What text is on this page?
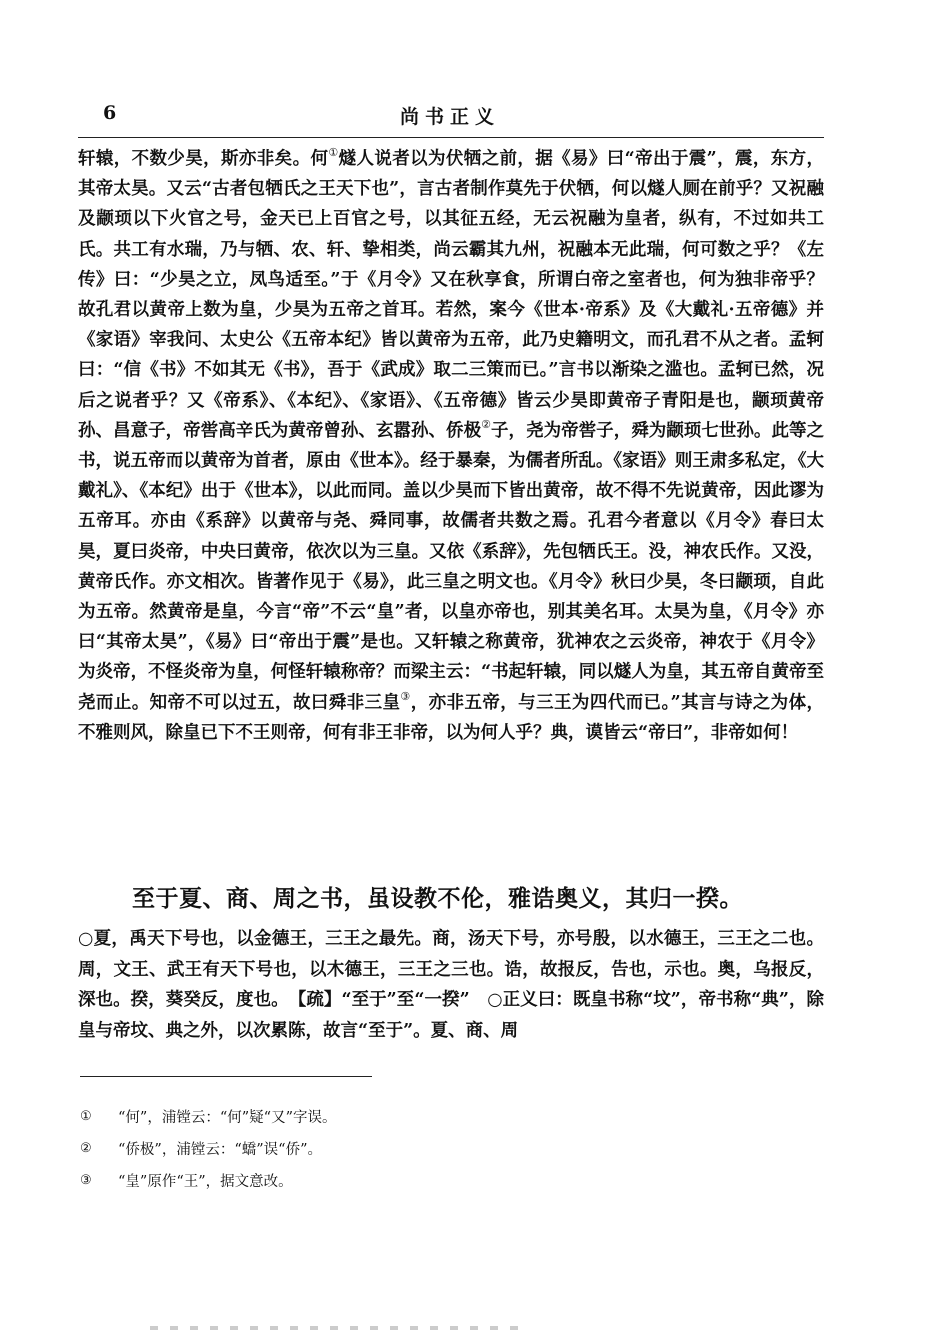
6	尚书正义

轩辕，不数少昊，斯亦非矣。何①燧人说者以为伏牺之前，据《易》曰“帝出于震”，震，东方，其帝太昊。又云“古者包牺氏之王天下也”，言古者制作莫先于伏牺，何以燧人厕在前乎？又祝融及颛顼以下火官之号，金天已上百官之号，以其征五经，无云祝融为皇者，纵有，不过如共工氏。共工有水瑞，乃与牺、农、轩、挚相类，尚云霸其九州，祝融本无此瑞，何可数之乎？《左传》曰：“少昊之立，凤鸟适至。”于《月令》又在秋享食，所谓白帝之室者也，何为独非帝乎？故孔君以黄帝上数为皇，少昊为五帝之首耳。若然，案今《世本·帝系》及《大戴礼·五帝德》并《家语》宰我问、太史公《五帝本纪》皆以黄帝为五帝，此乃史籍明文，而孔君不从之者。孟轲曰：“信《书》不如其无《书》，吾于《武成》取二三策而已。”言书以渐染之滥也。孟轲已然，况后之说者乎？又《帝系》、《本纪》、《家语》、《五帝德》皆云少昊即黄帝子青阳是也，颛顼黄帝孙、昌意子，帝喾高辛氏为黄帝曾孙、玄嚣孙、侨极②子，尧为帝喾子，舜为颛顼七世孙。此等之书，说五帝而以黄帝为首者，原由《世本》。经于暴秦，为儒者所乱。《家语》则王肃多私定，《大戴礼》、《本纪》出于《世本》，以此而同。盖以少昊而下皆出黄帝，故不得不先说黄帝，因此谬为五帝耳。亦由《系辞》以黄帝与尧、舜同事，故儒者共数之焉。孔君今者意以《月令》春曰太昊，夏曰炎帝，中央曰黄帝，依次以为三皇。又依《系辞》，先包牺氏王。没，神农氏作。又没，黄帝氏作。亦文相次。皆著作见于《易》，此三皇之明文也。《月令》秋曰少昊，冬曰颛顼，自此为五帝。然黄帝是皇，今言“帝”不云“皇”者，以皇亦帝也，别其美名耳。太昊为皇，《月令》亦曰“其帝太昊”，《易》曰“帝出于震”是也。又轩辕之称黄帝，犹神农之云炎帝，神农于《月令》为炎帝，不怪炎帝为皇，何怪轩辕称帝？而梁主云：“书起轩辕，同以燧人为皇，其五帝自黄帝至尧而止。知帝不可以过五，故曰舜非三皇③，亦非五帝，与三王为四代而已。”其言与诗之为体，不雅则风，除皇已下不王则帝，何有非王非帝，以为何人乎？典，谟皆云“帝曰”，非帝如何！

至于夏、商、周之书，虽设教不伦，雅诰奥义，其归一揆。

○夏，禹天下号也，以金德王，三王之最先。商，汤天下号，亦号殷，以水德王，三王之二也。周，文王、武王有天下号也，以木德王，三王之三也。诰，故报反，告也，示也。奥，乌报反，深也。揆，葵癸反，度也。　【疏】“至于”至“一揆”　○正义曰：既皇书称“坟”，帝书称“典”，除皇与帝坟、典之外，以次累陈，故言“至于”。夏、商、周

①	“何”，浦镗云：“何”疑“又”字误。
②	“侨极”，浦镗云：“蟜”误“侨”。
③	“皇”原作“王”，据文意改。
